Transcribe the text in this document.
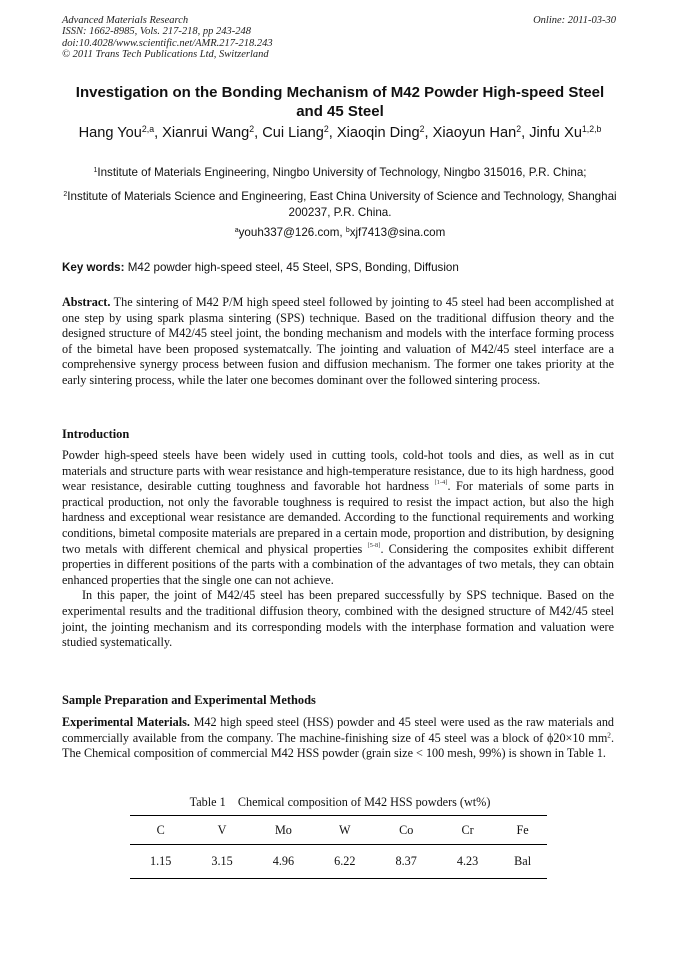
Advanced Materials Research
ISSN: 1662-8985, Vols. 217-218, pp 243-248
doi:10.4028/www.scientific.net/AMR.217-218.243
© 2011 Trans Tech Publications Ltd, Switzerland
Online: 2011-03-30
Investigation on the Bonding Mechanism of M42 Powder High-speed Steel and 45 Steel
Hang You$^{2,a}$, Xianrui Wang$^2$, Cui Liang$^2$, Xiaoqin Ding$^2$, Xiaoyun Han$^2$, Jinfu Xu$^{1,2,b}$
$^1$Institute of Materials Engineering, Ningbo University of Technology, Ningbo 315016, P.R. China;
$^2$Institute of Materials Science and Engineering, East China University of Science and Technology, Shanghai 200237, P.R. China.
$^a$youh337@126.com, $^b$xjf7413@sina.com
Key words: M42 powder high-speed steel, 45 Steel, SPS, Bonding, Diffusion

Abstract. The sintering of M42 P/M high speed steel followed by jointing to 45 steel had been accomplished at one step by using spark plasma sintering (SPS) technique. Based on the traditional diffusion theory and the designed structure of M42/45 steel joint, the bonding mechanism and models with the interface forming process of the bimetal have been proposed systematcally. The jointing and valuation of M42/45 steel interface are a comprehensive synergy process between fusion and diffusion mechanism. The former one takes priority at the early sintering process, while the later one becomes dominant over the followed sintering process.

Introduction

Powder high-speed steels have been widely used in cutting tools, cold-hot tools and dies, as well as in cut materials and structure parts with wear resistance and high-temperature resistance, due to its high hardness, good wear resistance, desirable cutting toughness and favorable hot hardness [1-4]. For materials of some parts in practical production, not only the favorable toughness is required to resist the impact action, but also the high hardness and exceptional wear resistance are demanded. According to the functional requirements and working conditions, bimetal composite materials are prepared in a certain mode, proportion and distribution, by designing two metals with different chemical and physical properties [5-8]. Considering the composites exhibit different properties in different positions of the parts with a combination of the advantages of two metals, they can obtain enhanced properties that the single one can not achieve.

In this paper, the joint of M42/45 steel has been prepared successfully by SPS technique. Based on the experimental results and the traditional diffusion theory, combined with the designed structure of M42/45 steel joint, the jointing mechanism and its corresponding models with the interphase formation and valuation were studied systematically.

Sample Preparation and Experimental Methods

Experimental Materials. M42 high speed steel (HSS) powder and 45 steel were used as the raw materials and commercially available from the company. The machine-finishing size of 45 steel was a block of ϕ20×10 $mm^2$. The Chemical composition of commercial M42 HSS powder (grain size < 100 mesh, 99%) is shown in Table 1.

Table 1    Chemical composition of M42 HSS powders (wt%)
C	V	Mo	W	Co	Cr	Fe
1.15	3.15	4.96	6.22	8.37	4.23	Bal
